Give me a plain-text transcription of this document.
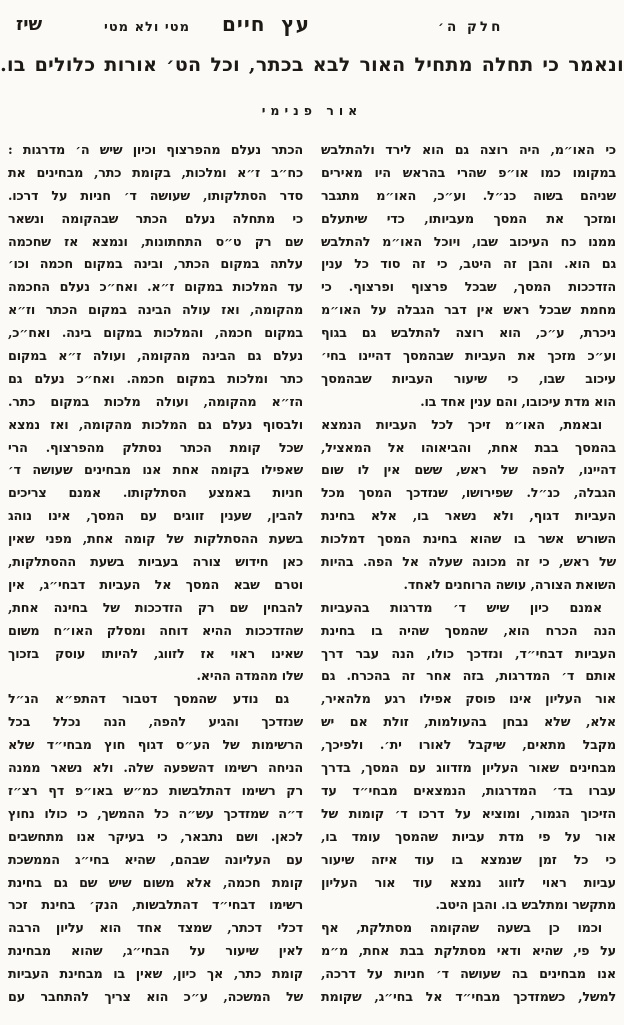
שיז	מטי ולא מטי עץ חיים	חלק ה׳
ונאמר כי תחלה מתחיל האור לבא בכתר, וכל הט׳ אורות כלולים בו.
אור פנימי
כי האו״מ, היה רוצה גם הוא לירד ולהתלבש
במקומו כמו או״פ שהרי בהראש היו מאירים
שניהם בשוה כנ״ל. וע״כ, האו״מ מתגבר
ומזכך את המסך מעביותו, כדי שיתעלם
ממנו כח העיכוב שבו, ויוכל האו״מ להתלבש
גם הוא. והבן זה היטב, כי זה סוד כל ענין
הזדככות המסך, שבכל פרצוף ופרצוף. כי
מחמת שבכל ראש אין דבר הגבלה על האו״מ
ניכרת, ע״כ, הוא רוצה להתלבש גם בגוף
וע״כ מזכך את העביות שבהמסך דהיינו בחי׳
עיכוב שבו, כי שיעור העביות שבהמסך
הוא מדת עיכובו, והם ענין אחד בו.
ובאמת, האו״מ זיכך לכל העביות הנמצא
בהמסך בבת אחת, והביאוהו אל המאציל,
דהיינו, להפה של ראש, ששם אין לו שום
הגבלה, כנ״ל. שפירושו, שנזדכך המסך מכל
העביות דגוף, ולא נשאר בו, אלא בחינת
השורש אשר בו שהוא בחינת המסך דמלכות
של ראש, כי זה מכונה שעלה אל הפה. בהיות
השואת הצורה, עושה הרוחנים לאחד.
אמנם כיון שיש ד׳ מדרגות בהעביות
הנה הכרח הוא, שהמסך שהיה בו בחינת
העביות דבחי״ד, ונזדכך כולו, הנה עבר דרך
אותם ד׳ המדרגות, בזה אחר זה בהכרח. גם
אור העליון אינו פוסק אפילו רגע מלהאיר,
אלא, שלא נבחן בהעולמות, זולת אם יש
מקבל מתאים, שיקבל לאורו ית׳. ולפיכך,
מבחינים שאור העליון מזדווג עם המסך, בדרך
עברו בד׳ המדרגות, הנמצאים מבחי״ד עד
הזיכוך הגמור, ומוציא על דרכו ד׳ קומות של
אור על פי מדת עביות שהמסך עומד בו,
כי כל זמן שנמצא בו עוד איזה שיעור
עביות ראוי לזווג נמצא עוד אור העליון
מתקשר ומתלבש בו. והבן היטב.
וכמו כן בשעה שהקומה מסתלקת, אף
על פי, שהיא ודאי מסתלקת בבת אחת, מ״מ
אנו מבחינים בה שעושה ד׳ חניות על דרכה,
למשל, כשמזדכך מבחי״ד אל בחי״ג, שקומת
הכתר נעלם מהפרצוף וכיון שיש ה׳ מדרגות :
כח״ב ז״א ומלכות, בקומת כתר, מבחינים את
סדר הסתלקותו, שעושה ד׳ חניות על דרכו.
כי מתחלה נעלם הכתר שבהקומה ונשאר
שם רק ט״ס התחתונות, ונמצא אז שחכמה
עלתה במקום הכתר, ובינה במקום חכמה וכו׳
עד המלכות במקום ז״א. ואח״כ נעלם החכמה
מהקומה, ואז עולה הבינה במקום הכתר וז״א
במקום חכמה, והמלכות במקום בינה. ואח״כ,
נעלם גם הבינה מהקומה, ועולה ז״א במקום
כתר ומלכות במקום חכמה. ואח״כ נעלם גם
הז״א מהקומה, ועולה מלכות במקום כתר.
ולבסוף נעלם גם המלכות מהקומה, ואז נמצא
שכל קומת הכתר נסתלק מהפרצוף. הרי
שאפילו בקומה אחת אנו מבחינים שעושה ד׳
חניות באמצע הסתלקותו. אמנם צריכים
להבין, שענין זווגים עם המסך, אינו נוהג
בשעת ההסתלקות של קומה אחת, מפני שאין
כאן חידוש צורה בעביות בשעת ההסתלקות,
וטרם שבא המסך אל העביות דבחי״ג, אין
להבחין שם רק הזדככות של בחינה אחת,
שהזדככות ההיא דוחה ומסלק האו״ח משום
שאינו ראוי אז לזווג, להיותו עוסק בזכוך
שלו מהמדה ההיא.
גם נודע שהמסך דטבור דהתפ״א הנ״ל
שנזדכך והגיע להפה, הנה נכלל בכל
הרשימות של הע״ס דגוף חוץ מבחי״ד שלא
הניחה רשימו דהשפעה שלה. ולא נשאר ממנה
רק רשימו דהתלבשות כמ״ש באו״פ דף רצ״ז
ד״ה שמזדכך עש״ה כל ההמשך, כי כולו נחוץ
לכאן. ושם נתבאר, כי בעיקר אנו מתחשבים
עם העליונה שבהם, שהיא בחי״ג הממשכת
קומת חכמה, אלא משום שיש שם גם בחינת
רשימו דבחי״ד דהתלבשות, הנק׳ בחינת זכר
דכלי דכתר, שמצד אחד הוא עליון הרבה
לאין שיעור על הבחי״ג, שהוא מבחינת
קומת כתר, אך כיון, שאין בו מבחינת העביות
של המשכה, ע״כ הוא צריך להתחבר עם
